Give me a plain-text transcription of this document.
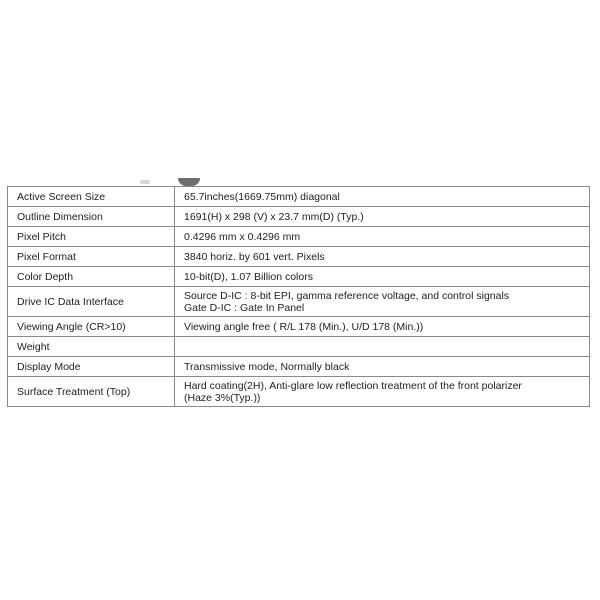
Active Screen Size	65.7inches(1669.75mm) diagonal

Outline Dimension	1691(H) x 298 (V) x 23.7 mm(D) (Typ.)

Pixel Pitch	0.4296 mm x 0.4296 mm

Pixel Format	3840 horiz. by 601 vert. Pixels

Color Depth	10-bit(D), 1.07 Billion colors

Drive IC Data Interface	Source D-IC : 8-bit EPI, gamma reference voltage, and control signals
Gate D-IC : Gate In Panel

Viewing Angle (CR>10)	Viewing angle free ( R/L 178 (Min.), U/D 178 (Min.))

Weight	

Display Mode	Transmissive mode, Normally black

Surface Treatment (Top)	Hard coating(2H), Anti-glare low reflection treatment of the front polarizer
(Haze 3%(Typ.))
